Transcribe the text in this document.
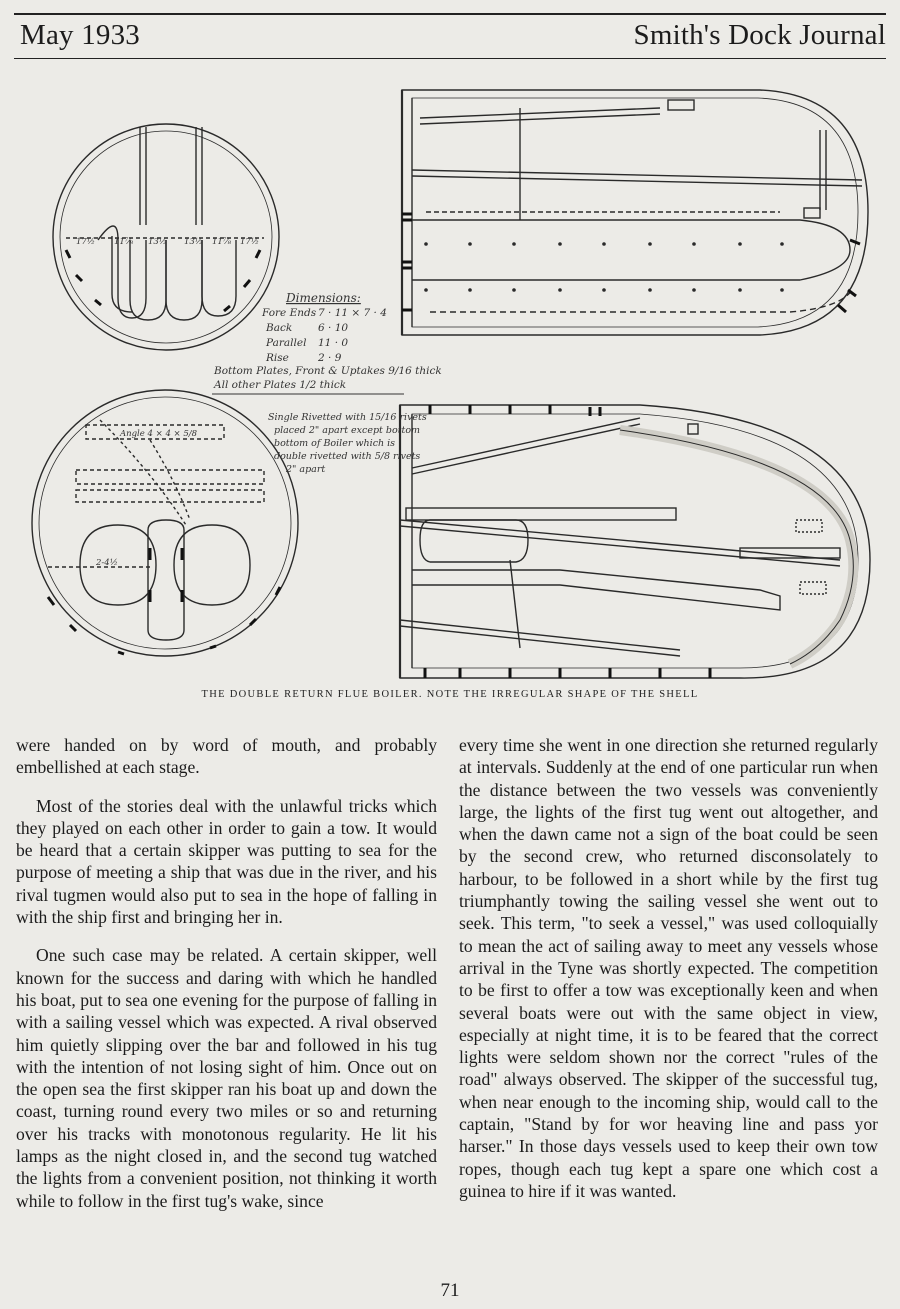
May 1933	Smith's Dock Journal
Dimensions:
Fore Ends 7 · 11 × 7 · 4
Back 6 · 10
Parallel 11 · 0
Rise	2 · 9
Bottom Plates, Front & Uptakes 9/16 thick
All other Plates 1/2 thick
Single Rivetted with 15/16 rivets
placed 2" apart except bottom
bottom of Boiler which is
double rivetted with 5/8 rivets
2" apart
Angle 4 × 4 × 5/8
17½ 11⅞ 13½ 13½ 11⅞ 17½
2-4½
THE DOUBLE RETURN FLUE BOILER. NOTE THE IRREGULAR SHAPE OF THE SHELL

were handed on by word of mouth, and probably embellished at each stage.

Most of the stories deal with the unlawful tricks which they played on each other in order to gain a tow. It would be heard that a certain skipper was putting to sea for the purpose of meeting a ship that was due in the river, and his rival tugmen would also put to sea in the hope of falling in with the ship first and bringing her in.

One such case may be related. A certain skipper, well known for the success and daring with which he handled his boat, put to sea one evening for the purpose of falling in with a sailing vessel which was expected. A rival observed him quietly slipping over the bar and followed in his tug with the intention of not losing sight of him. Once out on the open sea the first skipper ran his boat up and down the coast, turning round every two miles or so and returning over his tracks with monotonous regularity. He lit his lamps as the night closed in, and the second tug watched the lights from a convenient position, not thinking it worth while to follow in the first tug's wake, since

every time she went in one direction she returned regularly at intervals. Suddenly at the end of one particular run when the distance between the two vessels was conveniently large, the lights of the first tug went out altogether, and when the dawn came not a sign of the boat could be seen by the second crew, who returned disconsolately to harbour, to be followed in a short while by the first tug triumphantly towing the sailing vessel she went out to seek. This term, "to seek a vessel," was used colloquially to mean the act of sailing away to meet any vessels whose arrival in the Tyne was shortly expected. The competition to be first to offer a tow was exceptionally keen and when several boats were out with the same object in view, especially at night time, it is to be feared that the correct lights were seldom shown nor the correct "rules of the road" always observed. The skipper of the successful tug, when near enough to the incoming ship, would call to the captain, "Stand by for wor heaving line and pass yor harser." In those days vessels used to keep their own tow ropes, though each tug kept a spare one which cost a guinea to hire if it was wanted.

71
